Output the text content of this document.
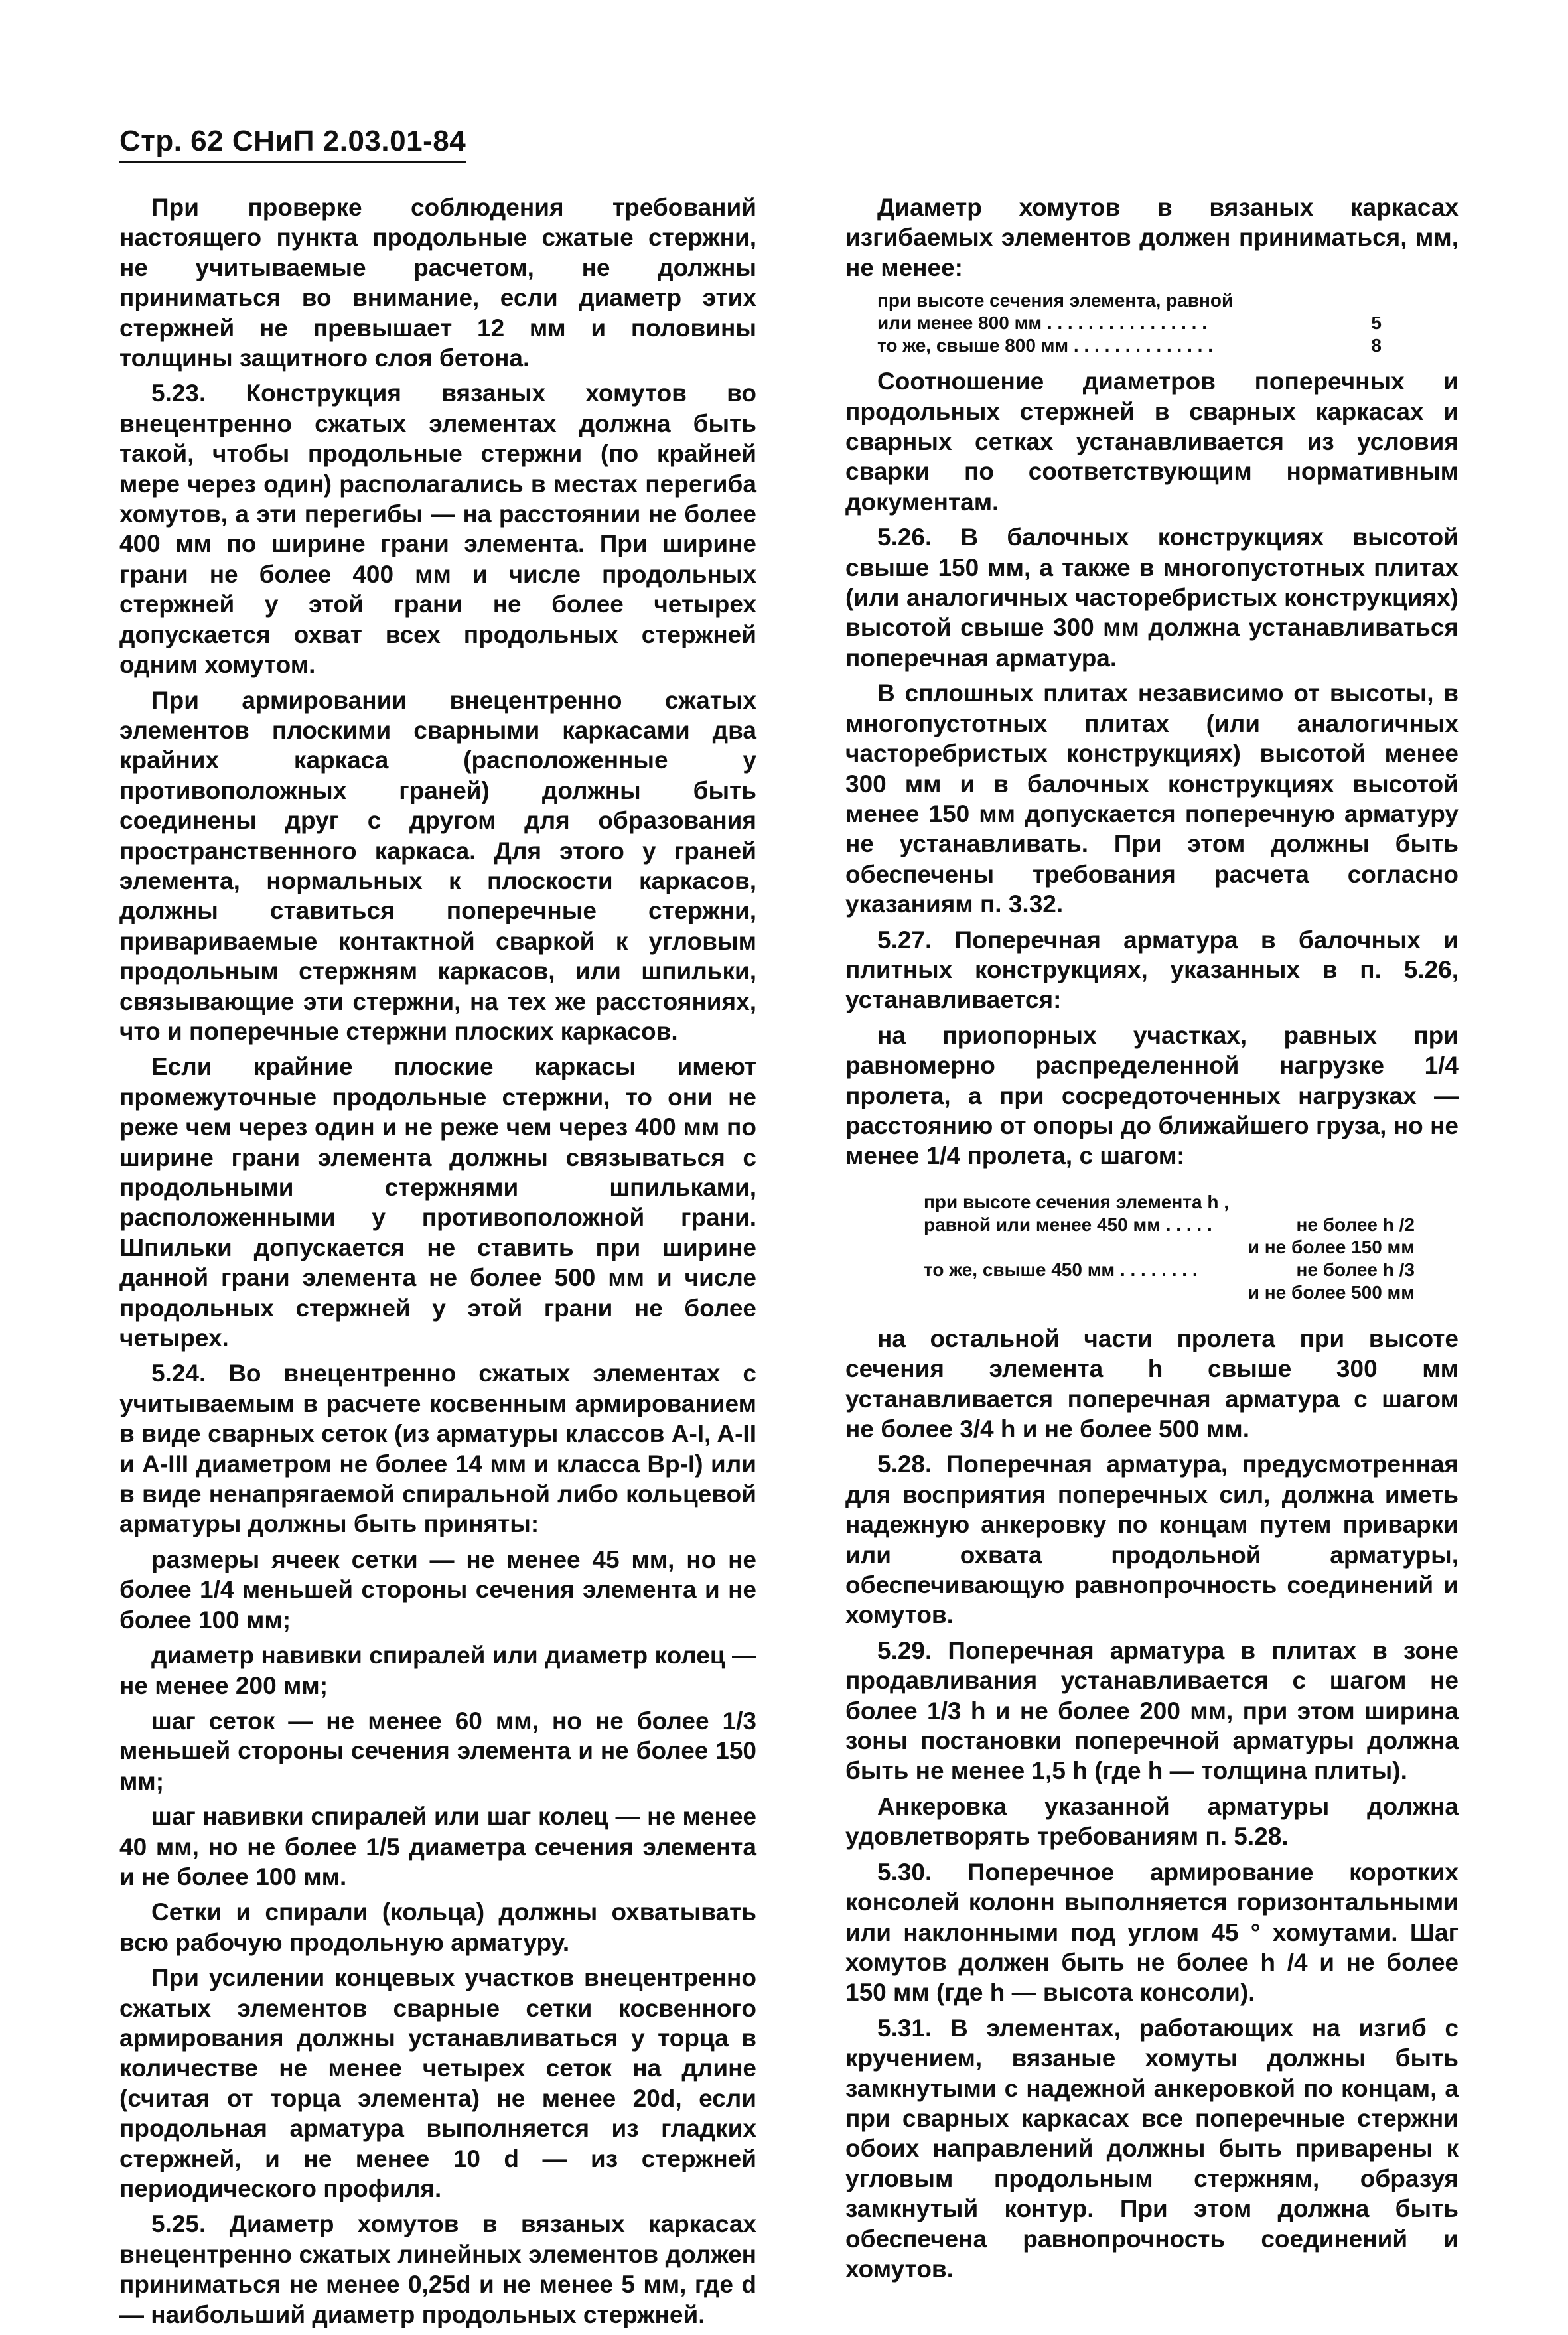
Стр. 62 СНиП 2.03.01-84

При проверке соблюдения требований настоящего пункта продольные сжатые стержни, не учитываемые расчетом, не должны приниматься во внимание, если диаметр этих стержней не превышает 12 мм и половины толщины защитного слоя бетона.

5.23. Конструкция вязаных хомутов во внецентренно сжатых элементах должна быть такой, чтобы продольные стержни (по крайней мере через один) располагались в местах перегиба хомутов, а эти перегибы — на расстоянии не более 400 мм по ширине грани элемента. При ширине грани не более 400 мм и числе продольных стержней у этой грани не более четырех допускается охват всех продольных стержней одним хомутом.

При армировании внецентренно сжатых элементов плоскими сварными каркасами два крайних каркаса (расположенные у противоположных граней) должны быть соединены друг с другом для образования пространственного каркаса. Для этого у граней элемента, нормальных к плоскости каркасов, должны ставиться поперечные стержни, привариваемые контактной сваркой к угловым продольным стержням каркасов, или шпильки, связывающие эти стержни, на тех же расстояниях, что и поперечные стержни плоских каркасов.

Если крайние плоские каркасы имеют промежуточные продольные стержни, то они не реже чем через один и не реже чем через 400 мм по ширине грани элемента должны связываться с продольными стержнями шпильками, расположенными у противоположной грани. Шпильки допускается не ставить при ширине данной грани элемента не более 500 мм и числе продольных стержней у этой грани не более четырех.

5.24. Во внецентренно сжатых элементах с учитываемым в расчете косвенным армированием в виде сварных сеток (из арматуры классов A-I, A-II и A-III диаметром не более 14 мм и класса Вр-I) или в виде ненапрягаемой спиральной либо кольцевой арматуры должны быть приняты:

размеры ячеек сетки — не менее 45 мм, но не более 1/4 меньшей стороны сечения элемента и не более 100 мм;

диаметр навивки спиралей или диаметр колец — не менее 200 мм;

шаг сеток — не менее 60 мм, но не более 1/3 меньшей стороны сечения элемента и не более 150 мм;

шаг навивки спиралей или шаг колец — не менее 40 мм, но не более 1/5 диаметра сечения элемента и не более 100 мм.

Сетки и спирали (кольца) должны охватывать всю рабочую продольную арматуру.

При усилении концевых участков внецентренно сжатых элементов сварные сетки косвенного армирования должны устанавливаться у торца в количестве не менее четырех сеток на длине (считая от торца элемента) не менее 20d, если продольная арматура выполняется из гладких стержней, и не менее 10 d — из стержней периодического профиля.

5.25. Диаметр хомутов в вязаных каркасах внецентренно сжатых линейных элементов должен приниматься не менее 0,25d и не менее 5 мм, где d — наибольший диаметр продольных стержней.

Диаметр хомутов в вязаных каркасах изгибаемых элементов должен приниматься, мм, не менее:

при высоте сечения элемента, равной
или менее 800 мм . . . . . . . . . . . . . . . .	5
то же, свыше 800 мм . . . . . . . . . . . . . .	8

Соотношение диаметров поперечных и продольных стержней в сварных каркасах и сварных сетках устанавливается из условия сварки по соответствующим нормативным документам.

5.26. В балочных конструкциях высотой свыше 150 мм, а также в многопустотных плитах (или аналогичных часторебристых конструкциях) высотой свыше 300 мм должна устанавливаться поперечная арматура.

В сплошных плитах независимо от высоты, в многопустотных плитах (или аналогичных часторебристых конструкциях) высотой менее 300 мм и в балочных конструкциях высотой менее 150 мм допускается поперечную арматуру не устанавливать. При этом должны быть обеспечены требования расчета согласно указаниям п. 3.32.

5.27. Поперечная арматура в балочных и плитных конструкциях, указанных в п. 5.26, устанавливается:

на приопорных участках, равных при равномерно распределенной нагрузке 1/4 пролета, а при сосредоточенных нагрузках — расстоянию от опоры до ближайшего груза, но не менее 1/4 пролета, с шагом:

при высоте сечения элемента h ,
равной или менее 450 мм . . . . .	не более h /2
и не более 150 мм
то же, свыше 450 мм . . . . . . . .	не более h /3
и не более 500 мм

на остальной части пролета при высоте сечения элемента h свыше 300 мм устанавливается поперечная арматура с шагом не более 3/4 h и не более 500 мм.

5.28. Поперечная арматура, предусмотренная для восприятия поперечных сил, должна иметь надежную анкеровку по концам путем приварки или охвата продольной арматуры, обеспечивающую равнопрочность соединений и хомутов.

5.29. Поперечная арматура в плитах в зоне продавливания устанавливается с шагом не более 1/3 h и не более 200 мм, при этом ширина зоны постановки поперечной арматуры должна быть не менее 1,5 h (где h — толщина плиты).

Анкеровка указанной арматуры должна удовлетворять требованиям п. 5.28.

5.30. Поперечное армирование коротких консолей колонн выполняется горизонтальными или наклонными под углом 45 ° хомутами. Шаг хомутов должен быть не более h /4 и не более 150 мм (где h — высота консоли).

5.31. В элементах, работающих на изгиб с кручением, вязаные хомуты должны быть замкнутыми с надежной анкеровкой по концам, а при сварных каркасах все поперечные стержни обоих направлений должны быть приварены к угловым продольным стержням, образуя замкнутый контур. При этом должна быть обеспечена равнопрочность соединений и хомутов.
